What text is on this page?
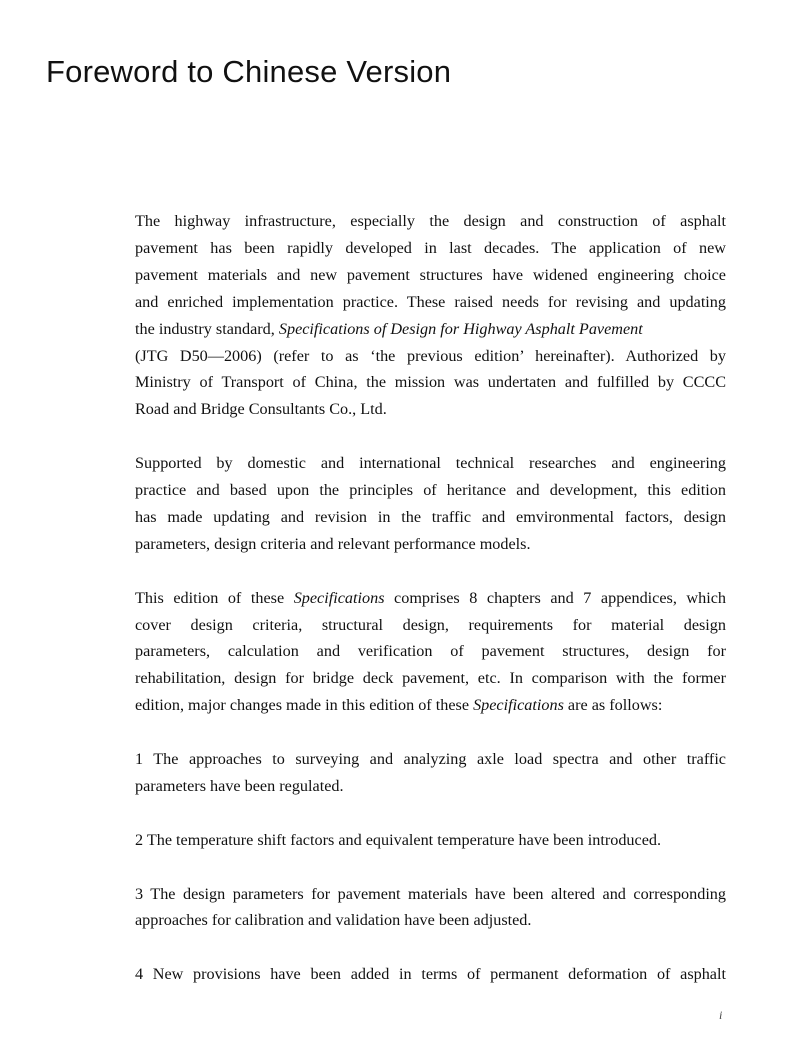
Foreword to Chinese Version

The highway infrastructure, especially the design and construction of asphalt
pavement has been rapidly developed in last decades. The application of new
pavement materials and new pavement structures have widened engineering choice
and enriched implementation practice. These raised needs for revising and updating
the industry standard, Specifications of Design for Highway Asphalt Pavement
(JTG D50—2006) (refer to as ‘the previous edition’ hereinafter). Authorized by
Ministry of Transport of China, the mission was undertaten and fulfilled by CCCC
Road and Bridge Consultants Co., Ltd.

Supported by domestic and international technical researches and engineering
practice and based upon the principles of heritance and development, this edition
has made updating and revision in the traffic and emvironmental factors, design
parameters, design criteria and relevant performance models.

This edition of these Specifications comprises 8 chapters and 7 appendices, which
cover design criteria, structural design, requirements for material design
parameters, calculation and verification of pavement structures, design for
rehabilitation, design for bridge deck pavement, etc. In comparison with the former
edition, major changes made in this edition of these Specifications are as follows:

1 The approaches to surveying and analyzing axle load spectra and other traffic
parameters have been regulated.

2 The temperature shift factors and equivalent temperature have been introduced.

3 The design parameters for pavement materials have been altered and corresponding
approaches for calibration and validation have been adjusted.

4 New provisions have been added in terms of permanent deformation of asphalt

i
